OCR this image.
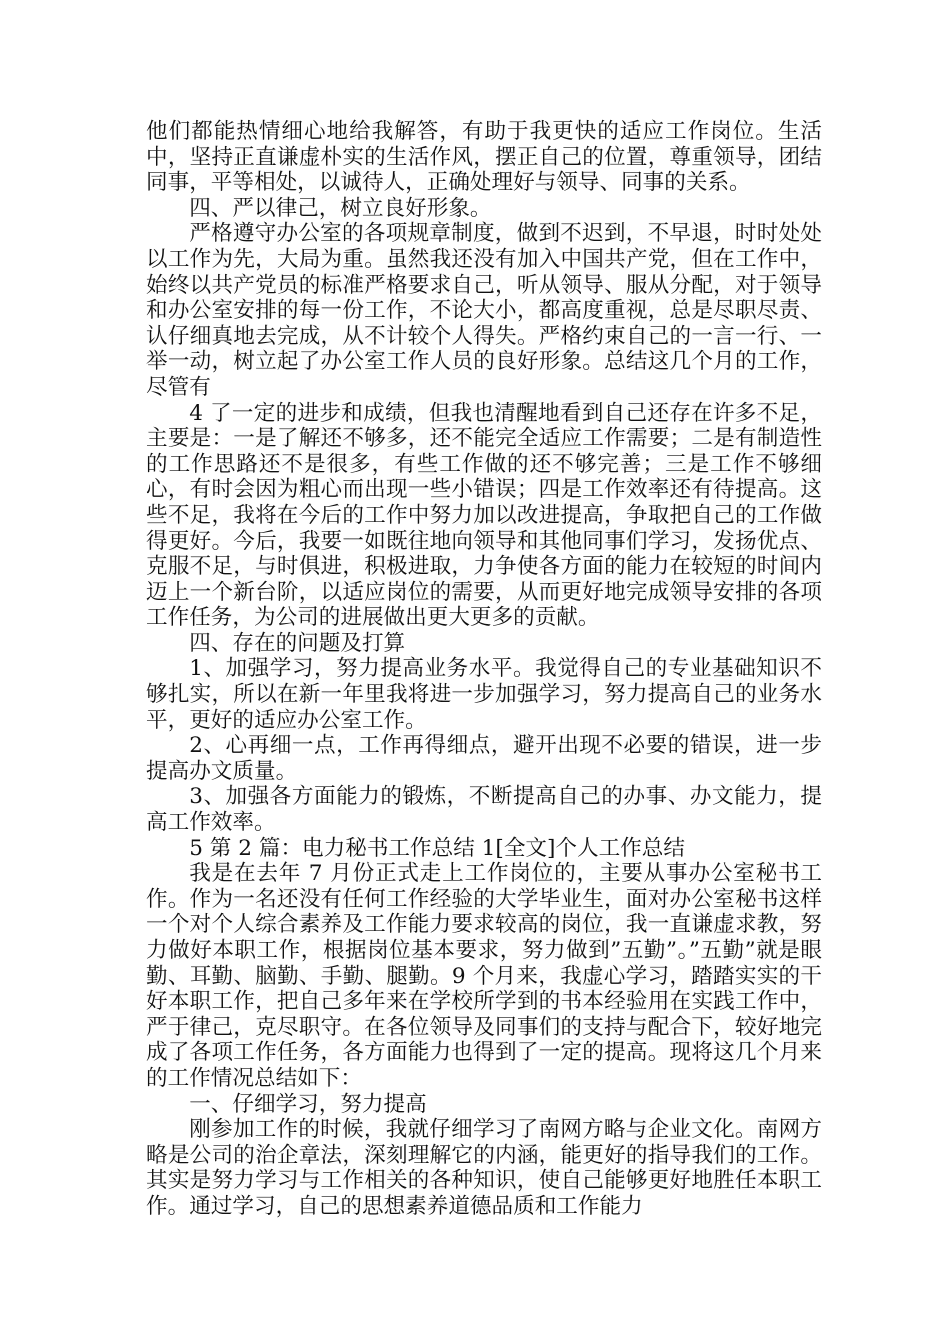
他们都能热情细心地给我解答，有助于我更快的适应工作岗位。生活中，坚持正直谦虚朴实的生活作风，摆正自己的位置，尊重领导，团结同事，平等相处，以诚待人，正确处理好与领导、同事的关系。

四、严以律己，树立良好形象。

严格遵守办公室的各项规章制度，做到不迟到，不早退，时时处处以工作为先，大局为重。虽然我还没有加入中国共产党，但在工作中，始终以共产党员的标准严格要求自己，听从领导、服从分配，对于领导和办公室安排的每一份工作，不论大小，都高度重视，总是尽职尽责、认仔细真地去完成，从不计较个人得失。严格约束自己的一言一行、一举一动，树立起了办公室工作人员的良好形象。总结这几个月的工作，尽管有

4 了一定的进步和成绩，但我也清醒地看到自己还存在许多不足，主要是：一是了解还不够多，还不能完全适应工作需要；二是有制造性的工作思路还不是很多，有些工作做的还不够完善；三是工作不够细心，有时会因为粗心而出现一些小错误；四是工作效率还有待提高。这些不足，我将在今后的工作中努力加以改进提高，争取把自己的工作做得更好。今后，我要一如既往地向领导和其他同事们学习，发扬优点、克服不足，与时俱进，积极进取，力争使各方面的能力在较短的时间内迈上一个新台阶，以适应岗位的需要，从而更好地完成领导安排的各项工作任务，为公司的进展做出更大更多的贡献。

四、存在的问题及打算

1、加强学习，努力提高业务水平。我觉得自己的专业基础知识不够扎实，所以在新一年里我将进一步加强学习，努力提高自己的业务水平，更好的适应办公室工作。

2、心再细一点，工作再得细点，避开出现不必要的错误，进一步提高办文质量。

3、加强各方面能力的锻炼，不断提高自己的办事、办文能力，提高工作效率。

5 第 2 篇：电力秘书工作总结 1[全文]个人工作总结

我是在去年 7 月份正式走上工作岗位的，主要从事办公室秘书工作。作为一名还没有任何工作经验的大学毕业生，面对办公室秘书这样一个对个人综合素养及工作能力要求较高的岗位，我一直谦虚求教，努力做好本职工作，根据岗位基本要求，努力做到”五勤”。”五勤”就是眼勤、耳勤、脑勤、手勤、腿勤。9 个月来，我虚心学习，踏踏实实的干好本职工作，把自己多年来在学校所学到的书本经验用在实践工作中，严于律己，克尽职守。在各位领导及同事们的支持与配合下，较好地完成了各项工作任务，各方面能力也得到了一定的提高。现将这几个月来的工作情况总结如下：

一、仔细学习，努力提高

刚参加工作的时候，我就仔细学习了南网方略与企业文化。南网方略是公司的治企章法，深刻理解它的内涵，能更好的指导我们的工作。其实是努力学习与工作相关的各种知识，使自己能够更好地胜任本职工作。通过学习，自己的思想素养道德品质和工作能力
